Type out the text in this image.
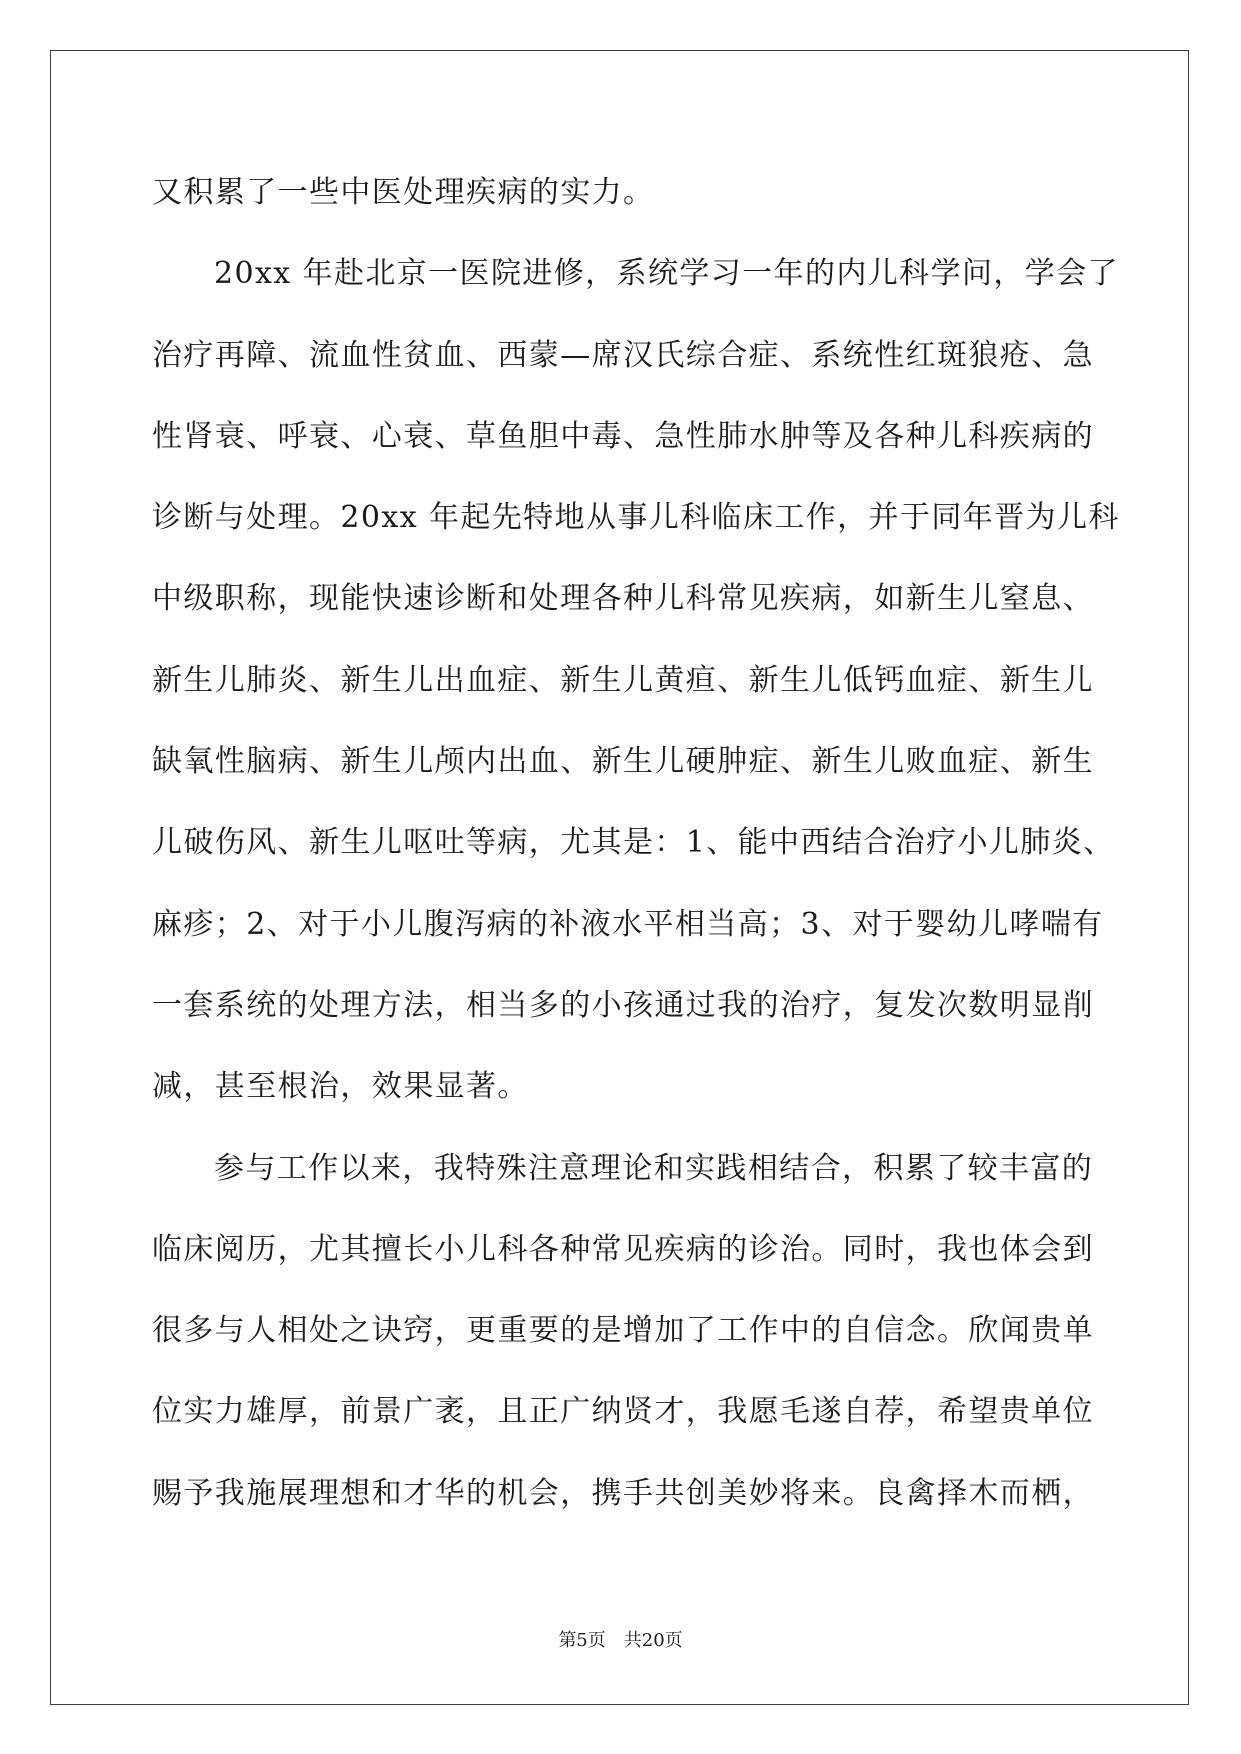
又积累了一些中医处理疾病的实力。
20xx 年赴北京一医院进修，系统学习一年的内儿科学问，学会了
治疗再障、流血性贫血、西蒙—席汉氏综合症、系统性红斑狼疮、急
性肾衰、呼衰、心衰、草鱼胆中毒、急性肺水肿等及各种儿科疾病的
诊断与处理。20xx 年起先特地从事儿科临床工作，并于同年晋为儿科
中级职称，现能快速诊断和处理各种儿科常见疾病，如新生儿窒息、
新生儿肺炎、新生儿出血症、新生儿黄疸、新生儿低钙血症、新生儿
缺氧性脑病、新生儿颅内出血、新生儿硬肿症、新生儿败血症、新生
儿破伤风、新生儿呕吐等病，尤其是：1、能中西结合治疗小儿肺炎、
麻疹；2、对于小儿腹泻病的补液水平相当高；3、对于婴幼儿哮喘有
一套系统的处理方法，相当多的小孩通过我的治疗，复发次数明显削
减，甚至根治，效果显著。
参与工作以来，我特殊注意理论和实践相结合，积累了较丰富的
临床阅历，尤其擅长小儿科各种常见疾病的诊治。同时，我也体会到
很多与人相处之诀窍，更重要的是增加了工作中的自信念。欣闻贵单
位实力雄厚，前景广袤，且正广纳贤才，我愿毛遂自荐，希望贵单位
赐予我施展理想和才华的机会，携手共创美妙将来。良禽择木而栖，
第5页　共20页
